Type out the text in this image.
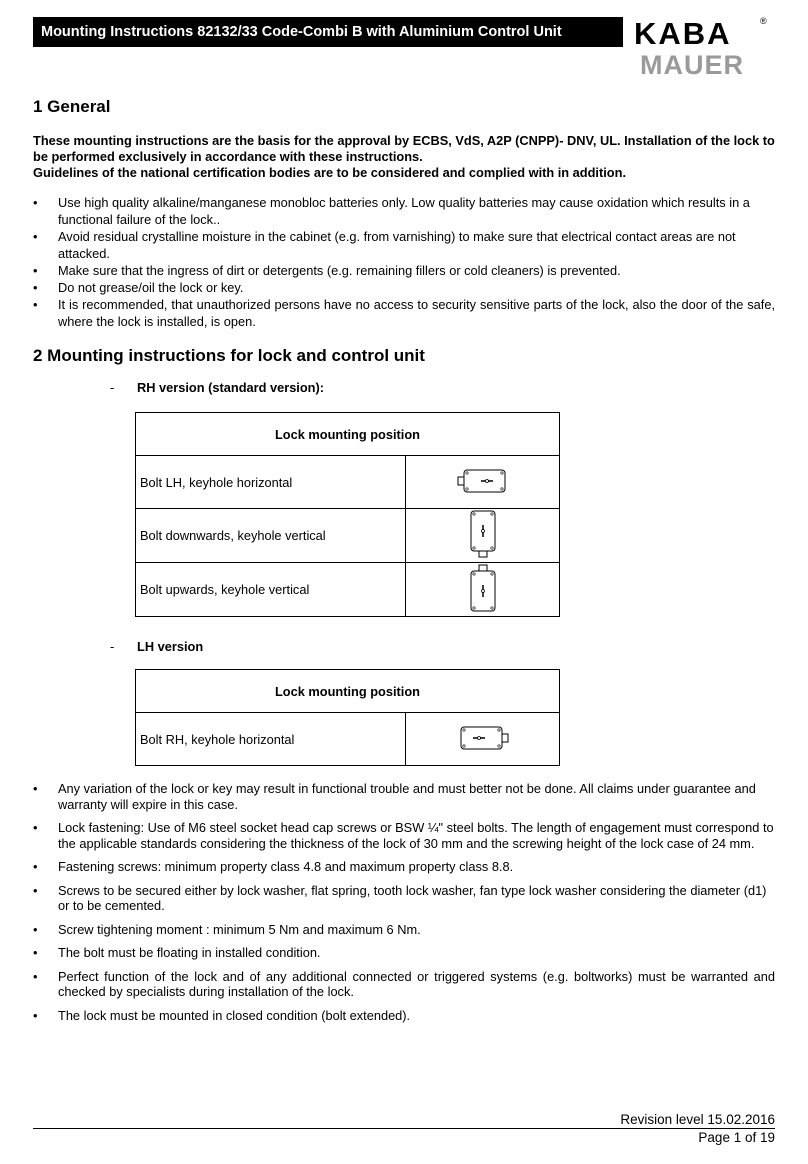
Mounting Instructions 82132/33 Code-Combi B with Aluminium Control Unit	KABA	®
MAUER
1 General
These mounting instructions are the basis for the approval by ECBS, VdS, A2P (CNPP)- DNV, UL. Installation of the lock to be performed exclusively in accordance with these instructions.
Guidelines of the national certification bodies are to be considered and complied with in addition.
• Use high quality alkaline/manganese monobloc batteries only. Low quality batteries may cause oxidation which results in a functional failure of the lock..
• Avoid residual crystalline moisture in the cabinet (e.g. from varnishing) to make sure that electrical contact areas are not attacked.
• Make sure that the ingress of dirt or detergents (e.g. remaining fillers or cold cleaners) is prevented.
• Do not grease/oil the lock or key.
• It is recommended, that unauthorized persons have no access to security sensitive parts of the lock, also the door of the safe, where the lock is installed, is open.
2 Mounting instructions for lock and control unit
- RH version (standard version):
Lock mounting position	
Bolt LH, keyhole horizontal	
Bolt downwards, keyhole vertical	
Bolt upwards, keyhole vertical	
- LH version
Lock mounting position
Bolt RH, keyhole horizontal	
• Any variation of the lock or key may result in functional trouble and must better not be done. All claims under guarantee and warranty will expire in this case.
• Lock fastening: Use of M6 steel socket head cap screws or BSW ¼" steel bolts. The length of engagement must correspond to the applicable standards considering the thickness of the lock of 30 mm and the screwing height of the lock case of 24 mm.
• Fastening screws: minimum property class 4.8 and maximum property class 8.8.
• Screws to be secured either by lock washer, flat spring, tooth lock washer, fan type lock washer considering the diameter (d1) or to be cemented.
• Screw tightening moment : minimum 5 Nm and maximum 6 Nm.
• The bolt must be floating in installed condition.
• Perfect function of the lock and of any additional connected or triggered systems (e.g. boltworks) must be warranted and checked by specialists during installation of the lock.
• The lock must be mounted in closed condition (bolt extended).
Revision level 15.02.2016
Page 1 of 19
